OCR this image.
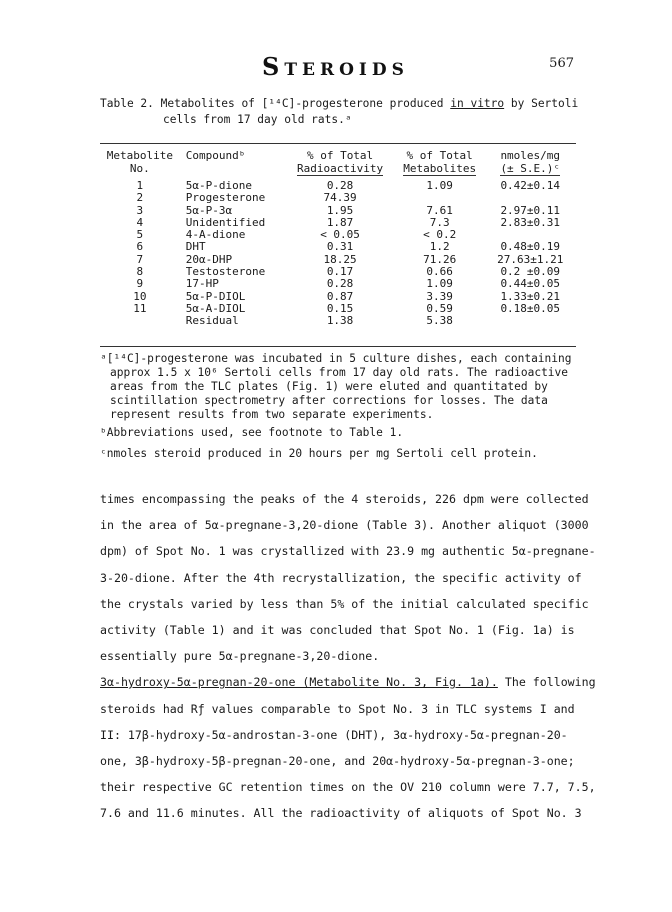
STEROIDS	567
Table 2. Metabolites of [¹⁴C]-progesterone produced in vitro by Sertoli
cells from 17 day old rats.ᵃ
Metabolite	Compoundᵇ	% of Total	% of Total	nmoles/mg
No.		Radioactivity	Metabolites	(± S.E.)ᶜ
1	5α-P-dione	0.28	1.09	0.42±0.14
2	Progesterone	74.39		
3	5α-P-3α	1.95	7.61	2.97±0.11
4	Unidentified	1.87	7.3	2.83±0.31
5	4-A-dione	< 0.05	< 0.2	
6	DHT	0.31	1.2	0.48±0.19
7	20α-DHP	18.25	71.26	27.63±1.21
8	Testosterone	0.17	0.66	0.2 ±0.09
9	17-HP	0.28	1.09	0.44±0.05
10	5α-P-DIOL	0.87	3.39	1.33±0.21
11	5α-A-DIOL	0.15	0.59	0.18±0.05
	Residual	1.38	5.38	
ᵃ[¹⁴C]-progesterone was incubated in 5 culture dishes, each containing
approx 1.5 x 10⁶ Sertoli cells from 17 day old rats. The radioactive
areas from the TLC plates (Fig. 1) were eluted and quantitated by
scintillation spectrometry after corrections for losses. The data
represent results from two separate experiments.
ᵇAbbreviations used, see footnote to Table 1.
ᶜnmoles steroid produced in 20 hours per mg Sertoli cell protein.

times encompassing the peaks of the 4 steroids, 226 dpm were collected

in the area of 5α-pregnane-3,20-dione (Table 3). Another aliquot (3000

dpm) of Spot No. 1 was crystallized with 23.9 mg authentic 5α-pregnane-

3-20-dione. After the 4th recrystallization, the specific activity of

the crystals varied by less than 5% of the initial calculated specific

activity (Table 1) and it was concluded that Spot No. 1 (Fig. 1a) is

essentially pure 5α-pregnane-3,20-dione.

3α-hydroxy-5α-pregnan-20-one (Metabolite No. 3, Fig. 1a). The following

steroids had Rƒ values comparable to Spot No. 3 in TLC systems I and

II: 17β-hydroxy-5α-androstan-3-one (DHT), 3α-hydroxy-5α-pregnan-20-

one, 3β-hydroxy-5β-pregnan-20-one, and 20α-hydroxy-5α-pregnan-3-one;

their respective GC retention times on the OV 210 column were 7.7, 7.5,

7.6 and 11.6 minutes. All the radioactivity of aliquots of Spot No. 3
